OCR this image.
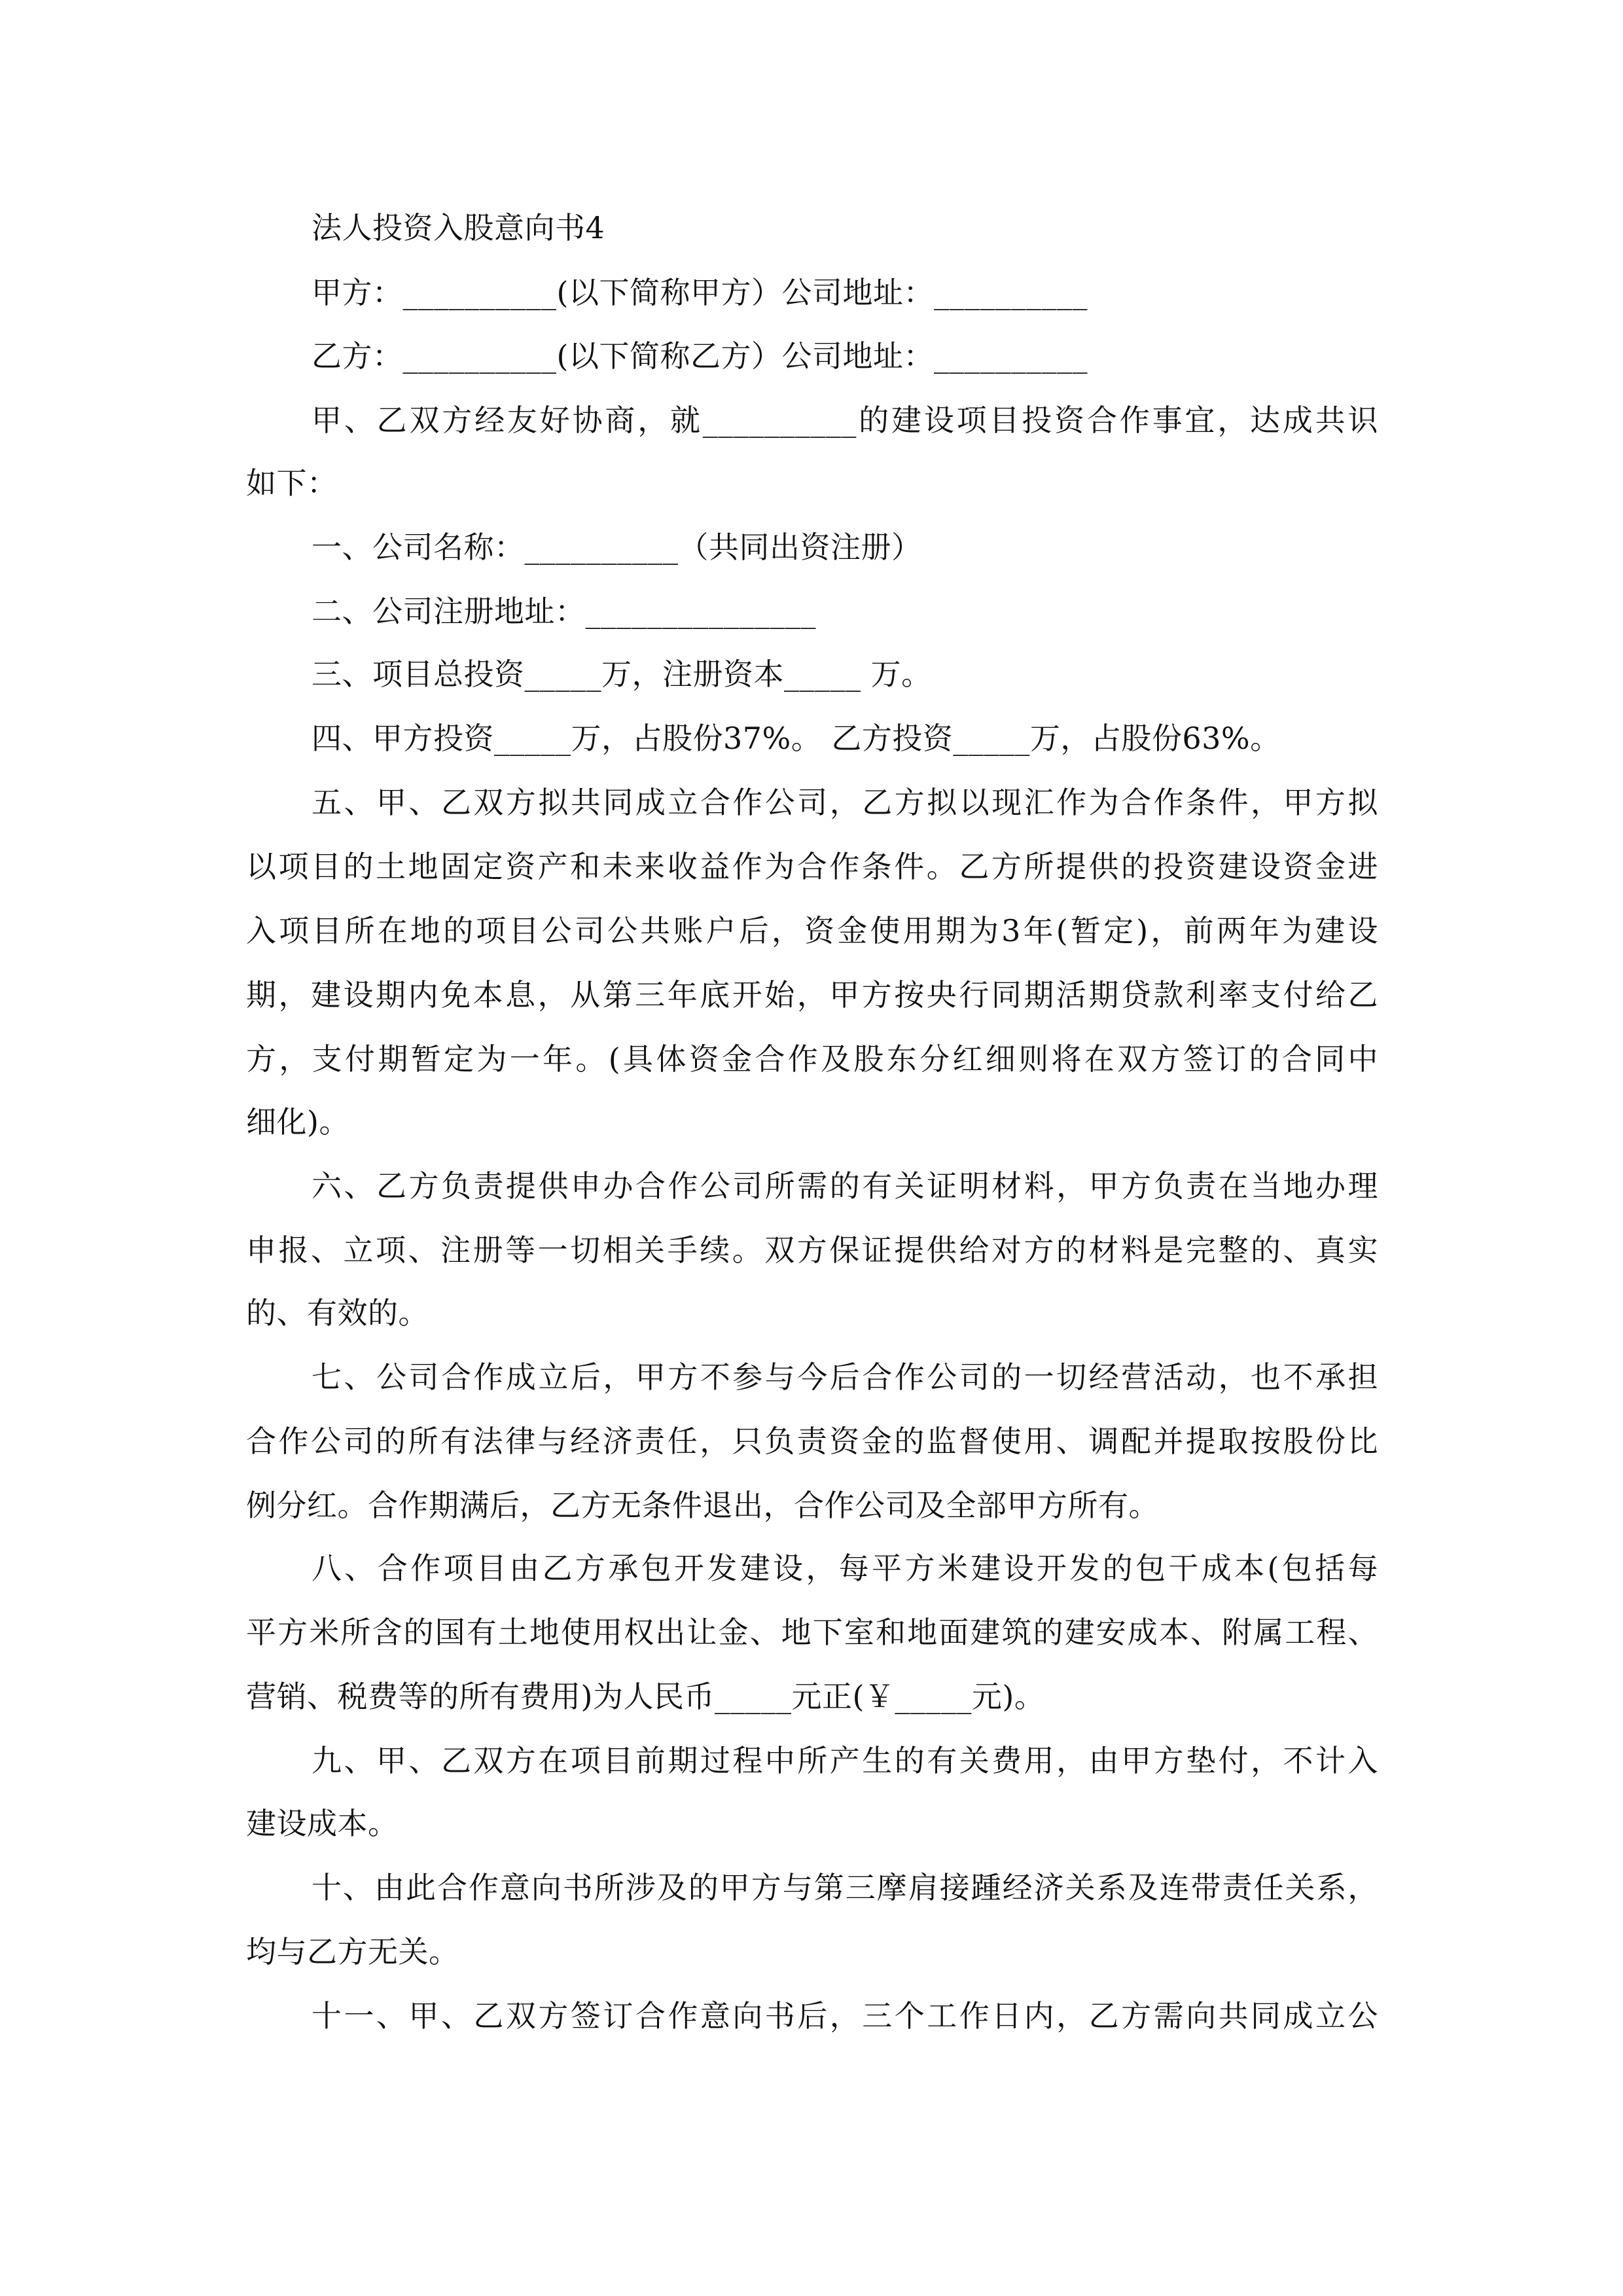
法人投资入股意向书4
甲方：__________(以下简称甲方）公司地址：__________
乙方：__________(以下简称乙方）公司地址：__________
甲、乙双方经友好协商，就__________的建设项目投资合作事宜，达成共识
如下：
一、公司名称：__________（共同出资注册）
二、公司注册地址：_______________
三、项目总投资_____万，注册资本_____ 万。
四、甲方投资_____万，占股份37%。 乙方投资_____万，占股份63%。
五、甲、乙双方拟共同成立合作公司，乙方拟以现汇作为合作条件，甲方拟
以项目的土地固定资产和未来收益作为合作条件。乙方所提供的投资建设资金进
入项目所在地的项目公司公共账户后，资金使用期为3年(暂定)，前两年为建设
期，建设期内免本息，从第三年底开始，甲方按央行同期活期贷款利率支付给乙
方，支付期暂定为一年。(具体资金合作及股东分红细则将在双方签订的合同中
细化)。
六、乙方负责提供申办合作公司所需的有关证明材料，甲方负责在当地办理
申报、立项、注册等一切相关手续。双方保证提供给对方的材料是完整的、真实
的、有效的。
七、公司合作成立后，甲方不参与今后合作公司的一切经营活动，也不承担
合作公司的所有法律与经济责任，只负责资金的监督使用、调配并提取按股份比
例分红。合作期满后，乙方无条件退出，合作公司及全部甲方所有。
八、合作项目由乙方承包开发建设，每平方米建设开发的包干成本(包括每
平方米所含的国有土地使用权出让金、地下室和地面建筑的建安成本、附属工程、
营销、税费等的所有费用)为人民币_____元正(￥_____元)。
九、甲、乙双方在项目前期过程中所产生的有关费用，由甲方垫付，不计入
建设成本。
十、由此合作意向书所涉及的甲方与第三摩肩接踵经济关系及连带责任关系，
均与乙方无关。
十一、甲、乙双方签订合作意向书后，三个工作日内，乙方需向共同成立公
